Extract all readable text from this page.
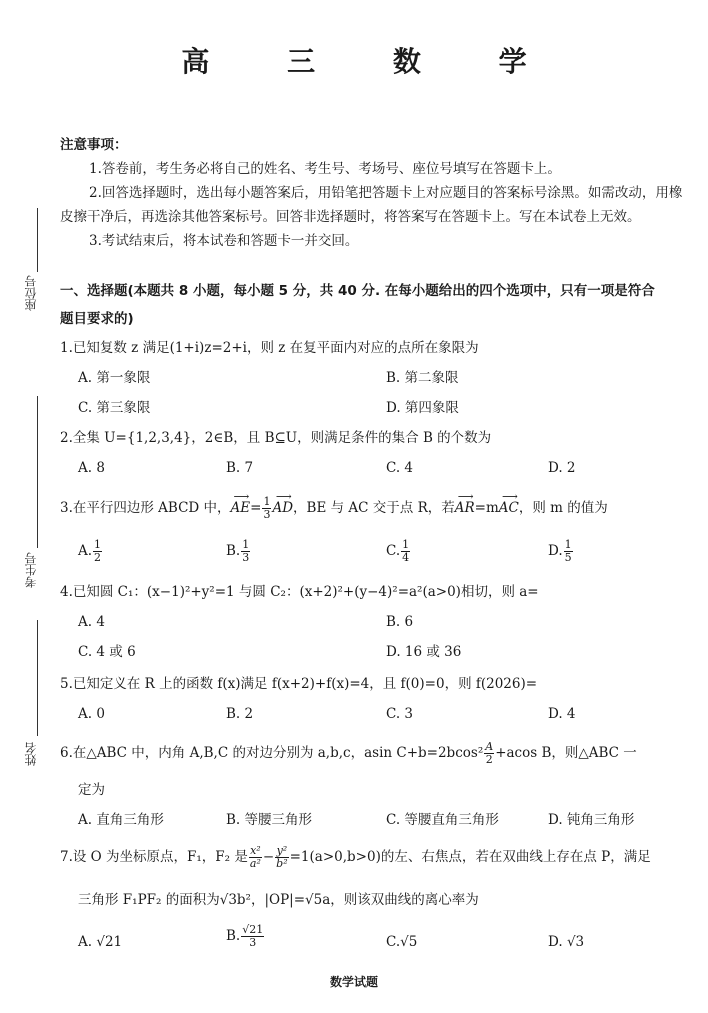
高 三 数 学
注意事项：
1.答卷前，考生务必将自己的姓名、考生号、考场号、座位号填写在答题卡上。
2.回答选择题时，选出每小题答案后，用铅笔把答题卡上对应题目的答案标号涂黑。如需改动，用橡
皮擦干净后，再选涂其他答案标号。回答非选择题时，将答案写在答题卡上。写在本试卷上无效。
3.考试结束后，将本试卷和答题卡一并交回。
座位号
考生号
姓名
一、选择题(本题共 8 小题，每小题 5 分，共 40 分. 在每小题给出的四个选项中，只有一项是符合
题目要求的)
1.已知复数 z 满足(1+i)z=2+i，则 z 在复平面内对应的点所在象限为
A. 第一象限	B. 第二象限
C. 第三象限	D. 第四象限
2.全集 U={1,2,3,4}，2∈B，且 B⊆U，则满足条件的集合 B 的个数为
A. 8	B. 7	C. 4	D. 2
3.在平行四边形 ABCD 中，⟶ $AE= \frac{1}{3}$ ⟶ AD，BE 与 AC 交于点 R，若⟶ AR=m⟶ AC，则 m 的值为
A. $\frac{1}{2}$	B. $\frac{1}{3}$	C. $\frac{1}{4}$	D. $\frac{1}{5}$
4.已知圆 C₁：(x−1)²+y²=1 与圆 C₂：(x+2)²+(y−4)²=a²(a>0)相切，则 a=
A. 4	B. 6
C. 4 或 6	D. 16 或 36
5.已知定义在 R 上的函数 f(x)满足 f(x+2)+f(x)=4，且 f(0)=0，则 f(2026)=
A. 0	B. 2	C. 3	D. 4
6.在△ABC 中，内角 A,B,C 的对边分别为 a,b,c，asin $C+b=2bcos^2 \frac{A}{2} +acos$ B，则△ABC 一
定为
A. 直角三角形	B. 等腰三角形	C. 等腰直角三角形	D. 钝角三角形
7.设 O 为坐标原点，F₁，F₂ 是 $\frac{\text{x²}}{\text{a²}} - \frac{\text{y²}}{\text{b²}} =1(a>0,b>0)$的左、右焦点，若在双曲线上存在点 P，满足
三角形 F₁PF₂ 的面积为√3b²，|OP|=√5a，则该双曲线的离心率为
A. √21	B. $\frac{√21}{3}$	C.√5	D. √3
数学试题
